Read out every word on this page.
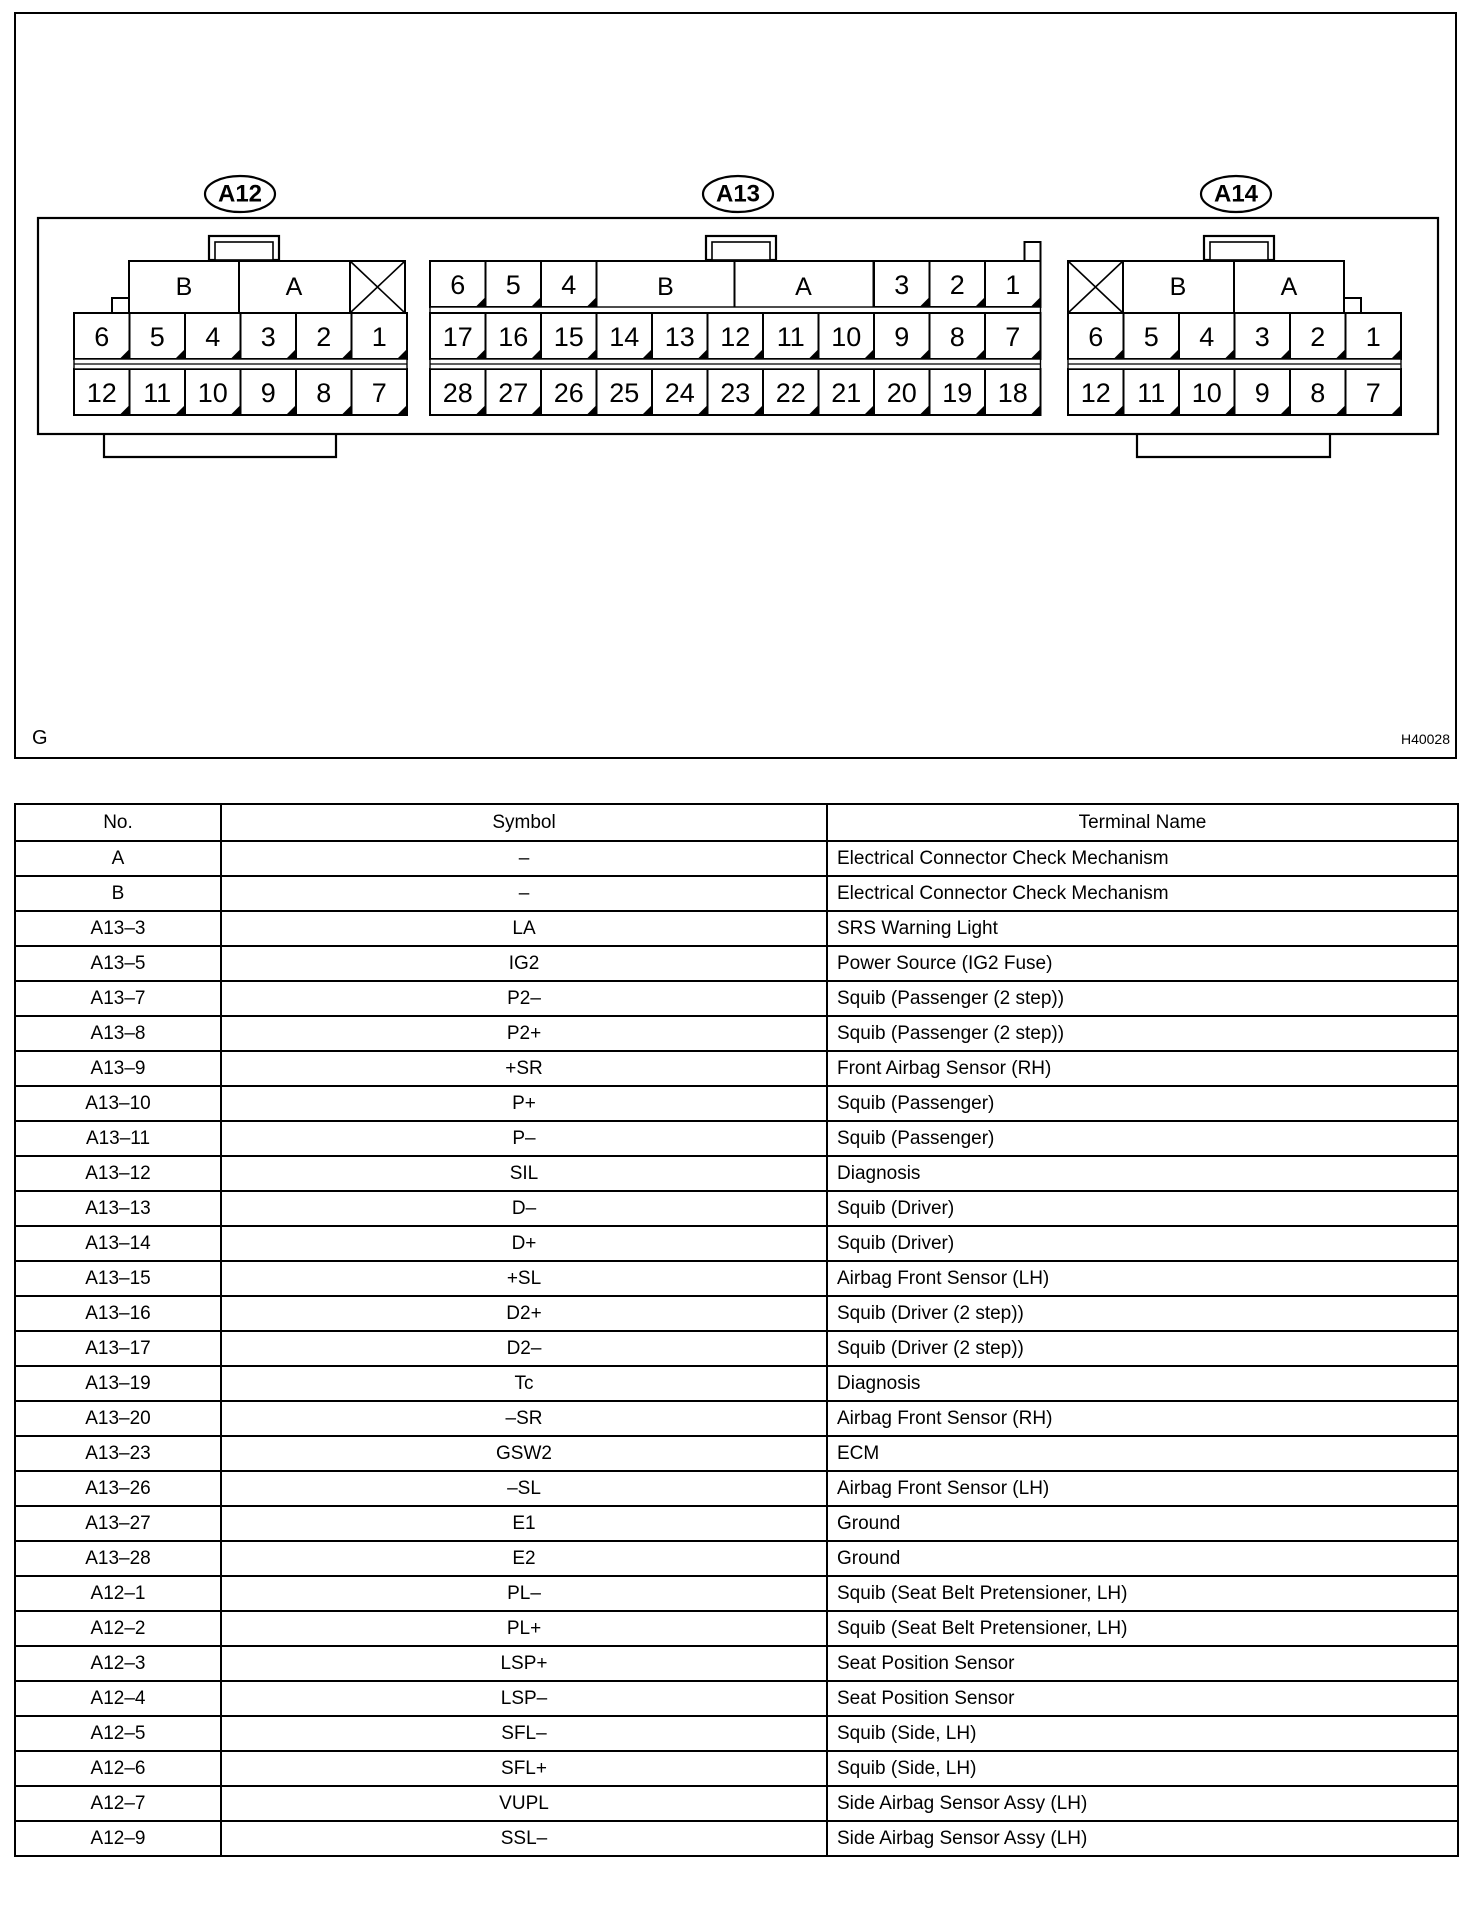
A12	A13	A14
B	A
6 5 4 3 2 1
12 11 10 9 8 7
6 5 4	B	A	3 2 1
17 16 15 14 13 12 11 10 9 8 7
28 27 26 25 24 23 22 21 20 19 18
B	A
6 5 4 3 2 1
12 11 10 9 8 7
G	H40028
No.	Symbol	Terminal Name
A	–	Electrical Connector Check Mechanism
B	–	Electrical Connector Check Mechanism
A13–3	LA	SRS Warning Light
A13–5	IG2	Power Source (IG2 Fuse)
A13–7	P2–	Squib (Passenger (2 step))
A13–8	P2+	Squib (Passenger (2 step))
A13–9	+SR	Front Airbag Sensor (RH)
A13–10	P+	Squib (Passenger)
A13–11	P–	Squib (Passenger)
A13–12	SIL	Diagnosis
A13–13	D–	Squib (Driver)
A13–14	D+	Squib (Driver)
A13–15	+SL	Airbag Front Sensor (LH)
A13–16	D2+	Squib (Driver (2 step))
A13–17	D2–	Squib (Driver (2 step))
A13–19	Tc	Diagnosis
A13–20	–SR	Airbag Front Sensor (RH)
A13–23	GSW2	ECM
A13–26	–SL	Airbag Front Sensor (LH)
A13–27	E1	Ground
A13–28	E2	Ground
A12–1	PL–	Squib (Seat Belt Pretensioner, LH)
A12–2	PL+	Squib (Seat Belt Pretensioner, LH)
A12–3	LSP+	Seat Position Sensor
A12–4	LSP–	Seat Position Sensor
A12–5	SFL–	Squib (Side, LH)
A12–6	SFL+	Squib (Side, LH)
A12–7	VUPL	Side Airbag Sensor Assy (LH)
A12–9	SSL–	Side Airbag Sensor Assy (LH)
